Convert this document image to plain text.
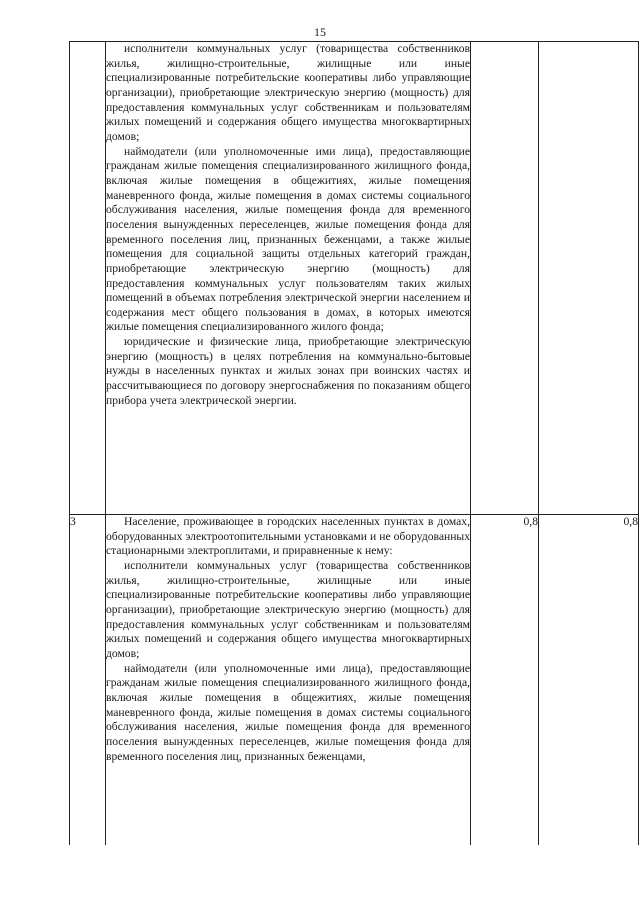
15

	исполнители коммунальных услуг (товарищества собственников жилья, жилищно-строительные, жилищные или иные специализированные потребительские кооперативы либо управляющие организации), приобретающие электрическую энергию (мощность) для предоставления коммунальных услуг собственникам и пользователям жилых помещений и содержания общего имущества многоквартирных домов;

наймодатели (или уполномоченные ими лица), предоставляющие гражданам жилые помещения специализированного жилищного фонда, включая жилые помещения в общежитиях, жилые помещения маневренного фонда, жилые помещения в домах системы социального обслуживания населения, жилые помещения фонда для временного поселения вынужденных переселенцев, жилые помещения фонда для временного поселения лиц, признанных беженцами, а также жилые помещения для социальной защиты отдельных категорий граждан, приобретающие электрическую энергию (мощность) для предоставления коммунальных услуг пользователям таких жилых помещений в объемах потребления электрической энергии населением и содержания мест общего пользования в домах, в которых имеются жилые помещения специализированного жилого фонда;

юридические и физические лица, приобретающие электрическую энергию (мощность) в целях потребления на коммунально-бытовые нужды в населенных пунктах и жилых зонах при воинских частях и рассчитывающиеся по договору энергоснабжения по показаниям общего прибора учета электрической энергии.		

3	Население, проживающее в городских населенных пунктах в домах, оборудованных электроотопительными установками и не оборудованных стационарными электроплитами, и приравненные к нему:

исполнители коммунальных услуг (товарищества собственников жилья, жилищно-строительные, жилищные или иные специализированные потребительские кооперативы либо управляющие организации), приобретающие электрическую энергию (мощность) для предоставления коммунальных услуг собственникам и пользователям жилых помещений и содержания общего имущества многоквартирных домов;

наймодатели (или уполномоченные ими лица), предоставляющие гражданам жилые помещения специализированного жилищного фонда, включая жилые помещения в общежитиях, жилые помещения маневренного фонда, жилые помещения в домах системы социального обслуживания населения, жилые помещения фонда для временного поселения вынужденных переселенцев, жилые помещения фонда для временного поселения лиц, признанных беженцами,	0,8	0,8
